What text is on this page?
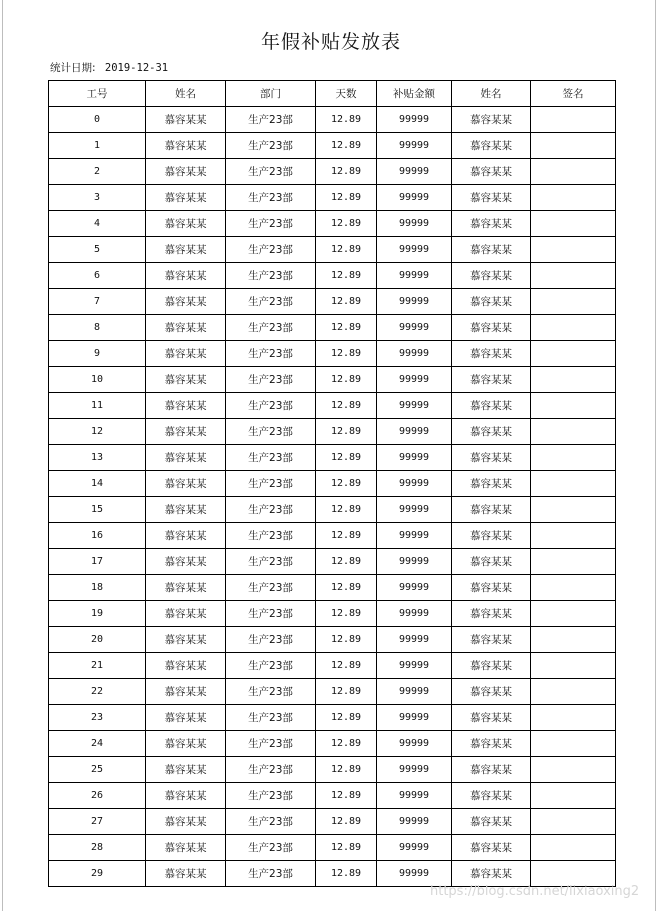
年假补贴发放表
统计日期: 2019-12-31
工号	姓名	部门	天数	补贴金额	姓名	签名
0	慕容某某	生产23部	12.89	99999	慕容某某	
1	慕容某某	生产23部	12.89	99999	慕容某某	
2	慕容某某	生产23部	12.89	99999	慕容某某	
3	慕容某某	生产23部	12.89	99999	慕容某某	
4	慕容某某	生产23部	12.89	99999	慕容某某	
5	慕容某某	生产23部	12.89	99999	慕容某某	
6	慕容某某	生产23部	12.89	99999	慕容某某	
7	慕容某某	生产23部	12.89	99999	慕容某某	
8	慕容某某	生产23部	12.89	99999	慕容某某	
9	慕容某某	生产23部	12.89	99999	慕容某某	
10	慕容某某	生产23部	12.89	99999	慕容某某	
11	慕容某某	生产23部	12.89	99999	慕容某某	
12	慕容某某	生产23部	12.89	99999	慕容某某	
13	慕容某某	生产23部	12.89	99999	慕容某某	
14	慕容某某	生产23部	12.89	99999	慕容某某	
15	慕容某某	生产23部	12.89	99999	慕容某某	
16	慕容某某	生产23部	12.89	99999	慕容某某	
17	慕容某某	生产23部	12.89	99999	慕容某某	
18	慕容某某	生产23部	12.89	99999	慕容某某	
19	慕容某某	生产23部	12.89	99999	慕容某某	
20	慕容某某	生产23部	12.89	99999	慕容某某	
21	慕容某某	生产23部	12.89	99999	慕容某某	
22	慕容某某	生产23部	12.89	99999	慕容某某	
23	慕容某某	生产23部	12.89	99999	慕容某某	
24	慕容某某	生产23部	12.89	99999	慕容某某	
25	慕容某某	生产23部	12.89	99999	慕容某某	
26	慕容某某	生产23部	12.89	99999	慕容某某	
27	慕容某某	生产23部	12.89	99999	慕容某某	
28	慕容某某	生产23部	12.89	99999	慕容某某	
29	慕容某某	生产23部	12.89	99999	慕容某某	
https://blog.csdn.net/lixiaoxing2
